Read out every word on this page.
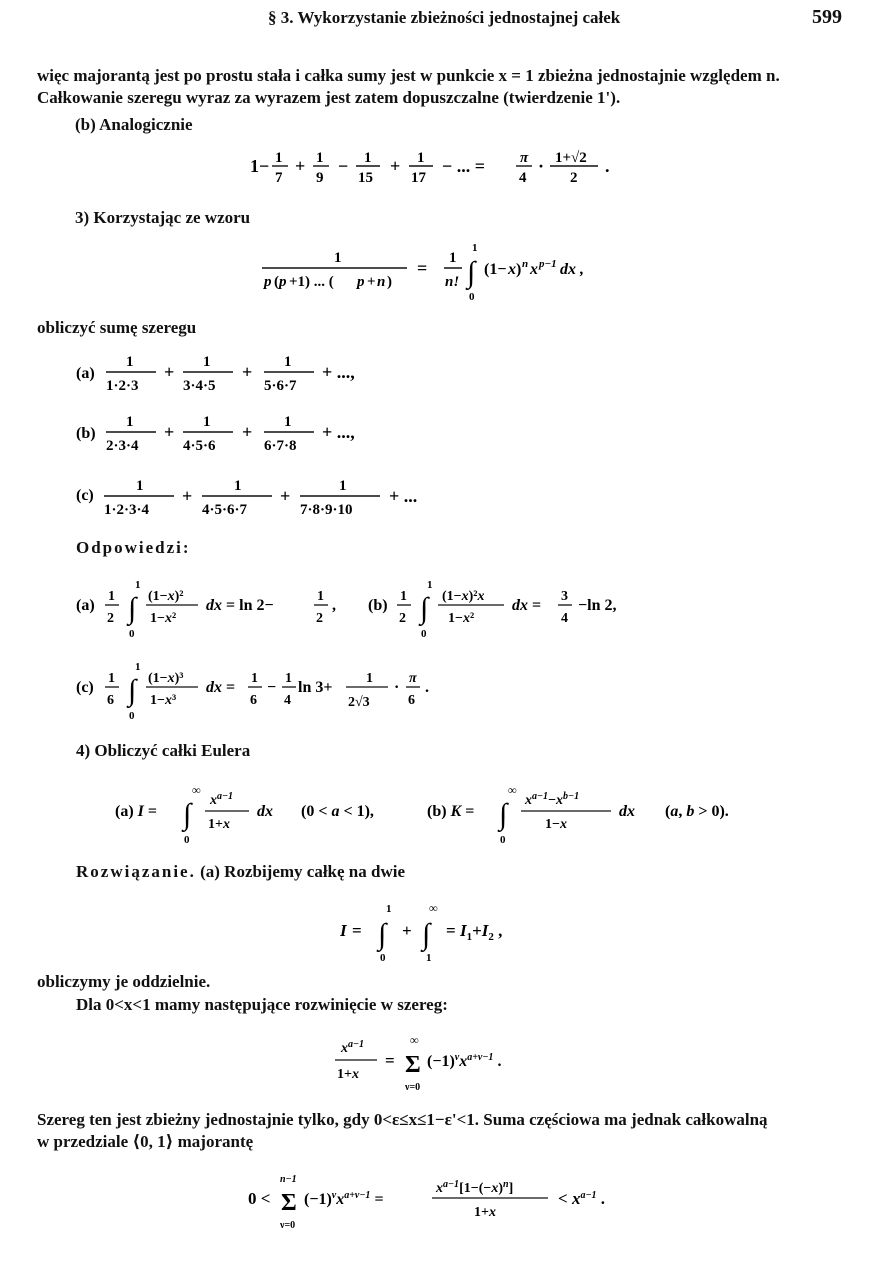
§ 3. Wykorzystanie zbieżności jednostajnej całek	599
więc majorantą jest po prostu stała i całka sumy jest w punkcie x = 1 zbieżna jednostajnie względem n.
Całkowanie szeregu wyraz za wyrazem jest zatem dopuszczalne (twierdzenie 1').
(b) Analogicznie
1− 1
7
+ 1
9
− 1
15
+ 1
17
− ... = π
4
· 1+√2
2
.
3) Korzystając ze wzoru
1
p ( p +1) ... ( p + n )
= 1
n!
1
∫
0
(1− x ) n x p−1 dx ,
obliczyć sumę szeregu
(a)
1
1·2·3
+ 1
3·4·5
+ 1
5·6·7
+ ...,
(b)
1
2·3·4
+ 1
4·5·6
+ 1
6·7·8
+ ...,
(c)
1
1·2·3·4
+	1
4·5·6·7
+	1
7·8·9·10
+ ...
Odpowiedzi:
(a)
1
2
1
∫
0
(1−x)²
1−x²
dx = ln 2−
1
2
, (b)
1
2
1
∫
0
(1−x)²x
1−x²
dx =
3
4
−ln 2,
(c)
1
6
1
∫
0
(1−x)³
1−x³
dx =
1
6
−
1
4
ln 3+
1
2√3
·
π
6
.
4) Obliczyć całki Eulera
(a) I =
∞
∫
0
$x^{a-1}$
1+x
dx (0 < a < 1),	(b) K =
∞
∫
0
$x^{a-1}-x^{b-1}$
1−x
dx (a, b > 0).
Rozwiązanie. (a) Rozbijemy całkę na dwie
I =
1
∫
0
+
∞
∫
1
= $I_1+I_2$ ,
obliczymy je oddzielnie.
Dla 0<x<1 mamy następujące rozwinięcie w szereg:
$x^{a-1}$
1+x
=
∞
Σ
ν=0
$(-1)^\nu x^{a+\nu-1}$ .
Szereg ten jest zbieżny jednostajnie tylko, gdy 0<ε≤x≤1−ε'<1. Suma częściowa ma jednak całkowalną
w przedziale ⟨0, 1⟩ majorantę
0 <
n−1
Σ
ν=0
$(-1)^\nu x^{a+\nu-1}$ =
$x^{a-1}[1-(-x)^n]$
1+x
< $x^{a-1}$ .
